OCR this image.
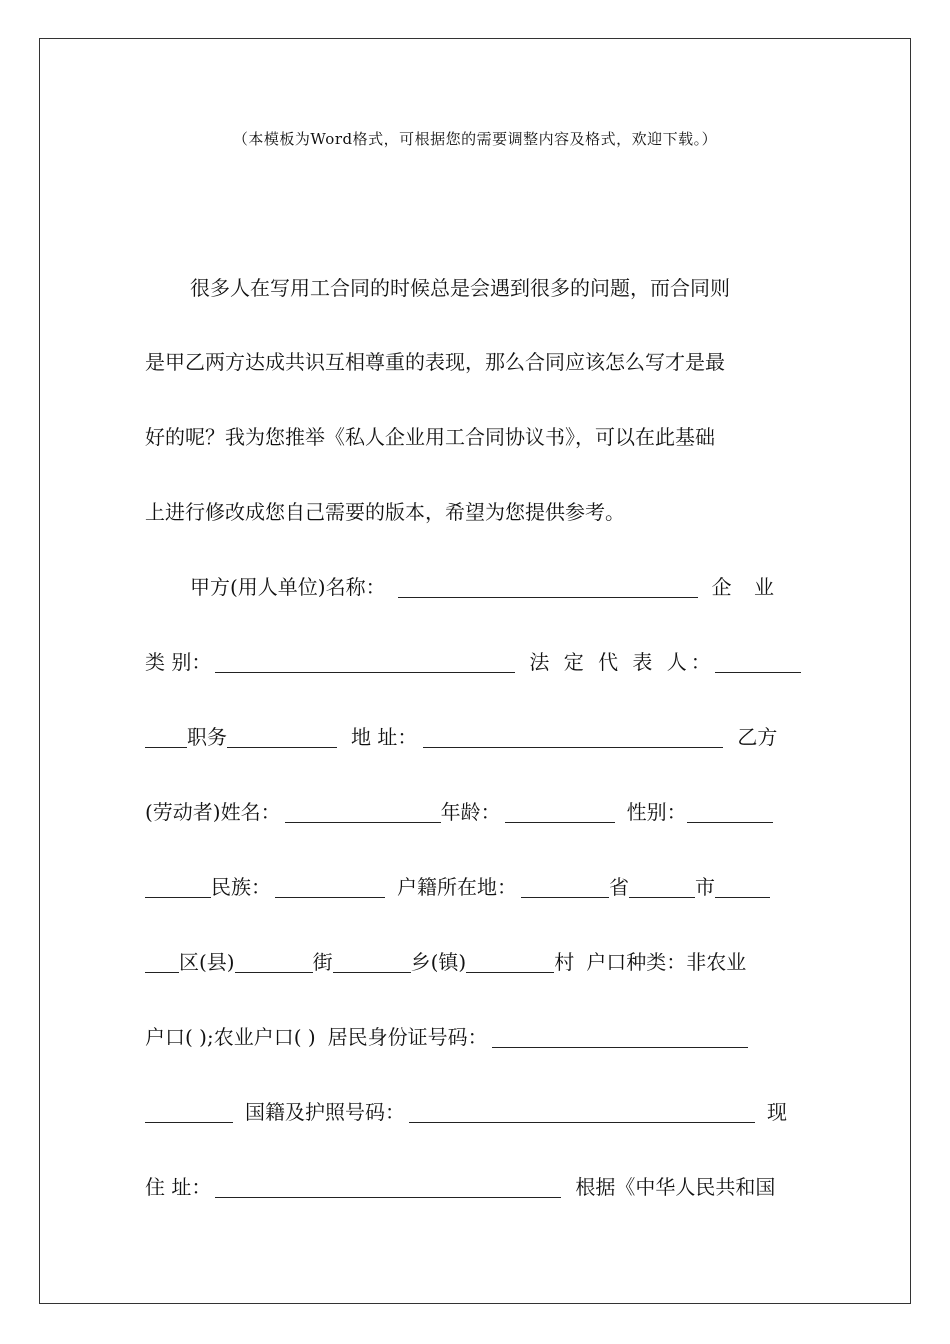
（本模板为Word格式，可根据您的需要调整内容及格式，欢迎下载。）
很多人在写用工合同的时候总是会遇到很多的问题，而合同则
是甲乙两方达成共识互相尊重的表现，那么合同应该怎么写才是最
好的呢？我为您推举《私人企业用工合同协议书》，可以在此基础
上进行修改成您自己需要的版本，希望为您提供参考。
甲方(用人单位)名称：	企 业
类 别：	法 定 代 表 人：
职务	地 址：	乙方
(劳动者)姓名：	年龄：	性别：
民族：	户籍所在地：	省	市
区(县)	街	乡(镇)	村 户口种类：非农业
户口( );农业户口( ) 居民身份证号码：
国籍及护照号码：	现
住 址：	根据《中华人民共和国
